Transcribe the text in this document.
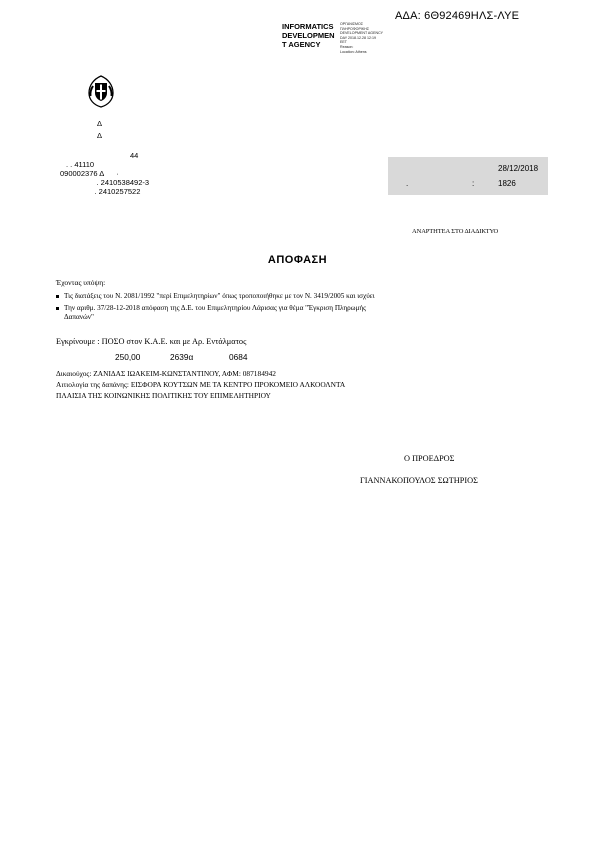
ΑΔΑ: 6Θ92469ΗΛΣ-ΛΥΕ
INFORMATICS
DEVELOPMEN
T AGENCY
ΟΡΓΑΝΙΣΜΟΣ
ΠΛΗΡΟΦΟΡΙΚΗΣ
DEVELOPMENT AGENCY
DAY 2018.12.28 12:19
EET
Reason:
Location: Athens
Δ
Δ
44
. . 41110
090002376 Δ      ·
. 2410538492-3
. 2410257522
28/12/2018
.	:	1826
ΑΝΑΡΤΗΤΕΑ ΣΤΟ ΔΙΑΔΙΚΤΥΟ
ΑΠΟΦΑΣΗ
Έχοντας υπόψη:
Τις διατάξεις του Ν. 2081/1992 "περί Επιμελητηρίων" όπως τροποποιήθηκε με τον Ν. 3419/2005 και ισχύει
Την αριθμ. 37/28-12-2018 απόφαση της Δ.Ε. του Επιμελητηρίου Λάρισας για θέμα "Έγκριση Πληρωμής
Δαπανών"
Εγκρίνουμε : ΠΟΣΟ στον Κ.Α.Ε. και με Αρ. Εντάλματος
250,00	2639α	0684
Δικαιούχος: ΖΑΝΙΔΑΣ ΙΩΑΚΕΙΜ-ΚΩΝΣΤΑΝΤΙΝΟΥ, ΑΦΜ: 087184942
Αιτιολογία της δαπάνης: ΕΙΣΦΟΡΑ ΚΟΥΤΣΩΝ ΜΕ ΤΑ ΚΕΝΤΡΟ ΠΡΟΚΟΜΕΙΟ ΑΛΚΟΟΛΝΤΑ
ΠΛΑΙΣΙΑ ΤΗΣ ΚΟΙΝΩΝΙΚΗΣ ΠΟΛΙΤΙΚΗΣ ΤΟΥ ΕΠΙΜΕΛΗΤΗΡΙΟΥ
Ο ΠΡΟΕΔΡΟΣ
ΓΙΑΝΝΑΚΟΠΟΥΛΟΣ ΣΩΤΗΡΙΟΣ
